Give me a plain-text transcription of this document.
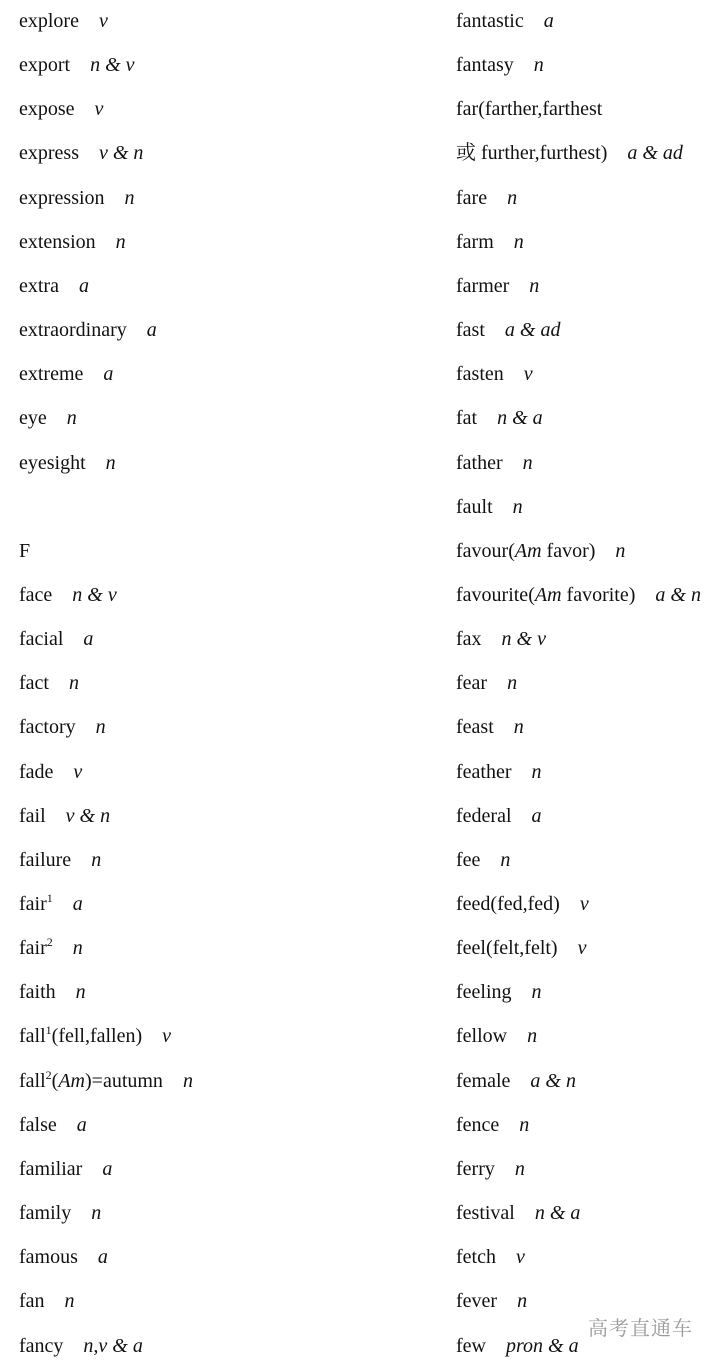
explore v
export n & v
expose v
express v & n
expression n
extension n
extra a
extraordinary a
extreme a
eye n
eyesight n
F
face n & v
facial a
fact n
factory n
fade v
fail v & n
failure n
fair$^1$ a
fair$^2$ n
faith n
fall$^1$(fell,fallen) v
fall$^2$(Am)=autumn n
false a
familiar a
family n
famous a
fan n
fancy n,v & a
fantastic a
fantasy n
far(farther,farthest
或 further,furthest) a & ad
fare n
farm n
farmer n
fast a & ad
fasten v
fat n & a
father n
fault n
favour(Am favor) n
favourite(Am favorite) a & n
fax n & v
fear n
feast n
feather n
federal a
fee n
feed(fed,fed) v
feel(felt,felt) v
feeling n
fellow n
female a & n
fence n
ferry n
festival n & a
fetch v
fever n
few pron & a
高考直通车
